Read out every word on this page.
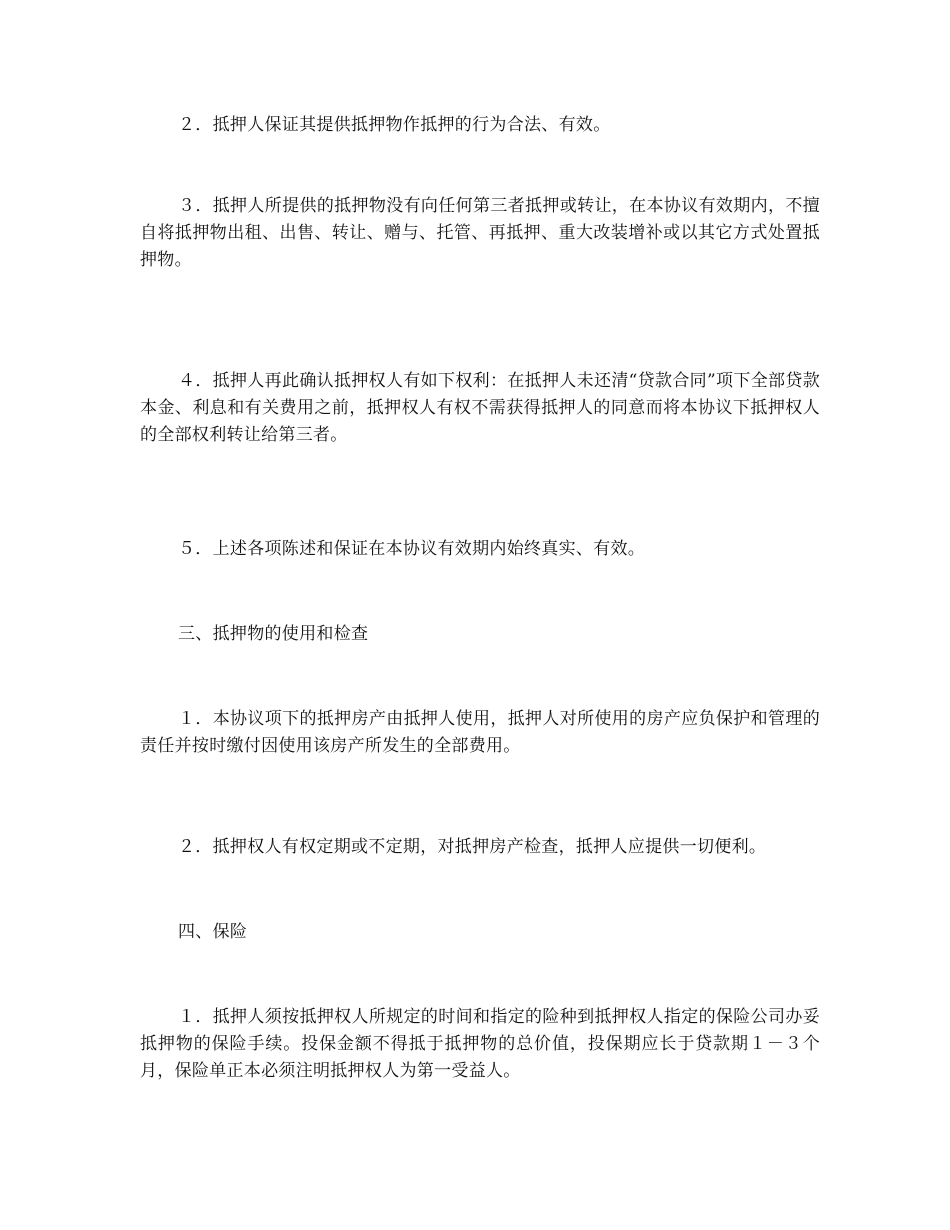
２．抵押人保证其提供抵押物作抵押的行为合法、有效。

３．抵押人所提供的抵押物没有向任何第三者抵押或转让，在本协议有效期内，不擅自将抵押物出租、出售、转让、赠与、托管、再抵押、重大改装增补或以其它方式处置抵押物。

４．抵押人再此确认抵押权人有如下权利：在抵押人未还清“贷款合同”项下全部贷款本金、利息和有关费用之前，抵押权人有权不需获得抵押人的同意而将本协议下抵押权人的全部权利转让给第三者。

５．上述各项陈述和保证在本协议有效期内始终真实、有效。

三、抵押物的使用和检查

１．本协议项下的抵押房产由抵押人使用，抵押人对所使用的房产应负保护和管理的责任并按时缴付因使用该房产所发生的全部费用。

２．抵押权人有权定期或不定期，对抵押房产检查，抵押人应提供一切便利。

四、保险

１．抵押人须按抵押权人所规定的时间和指定的险种到抵押权人指定的保险公司办妥抵押物的保险手续。投保金额不得抵于抵押物的总价值，投保期应长于贷款期１－３个月，保险单正本必须注明抵押权人为第一受益人。
